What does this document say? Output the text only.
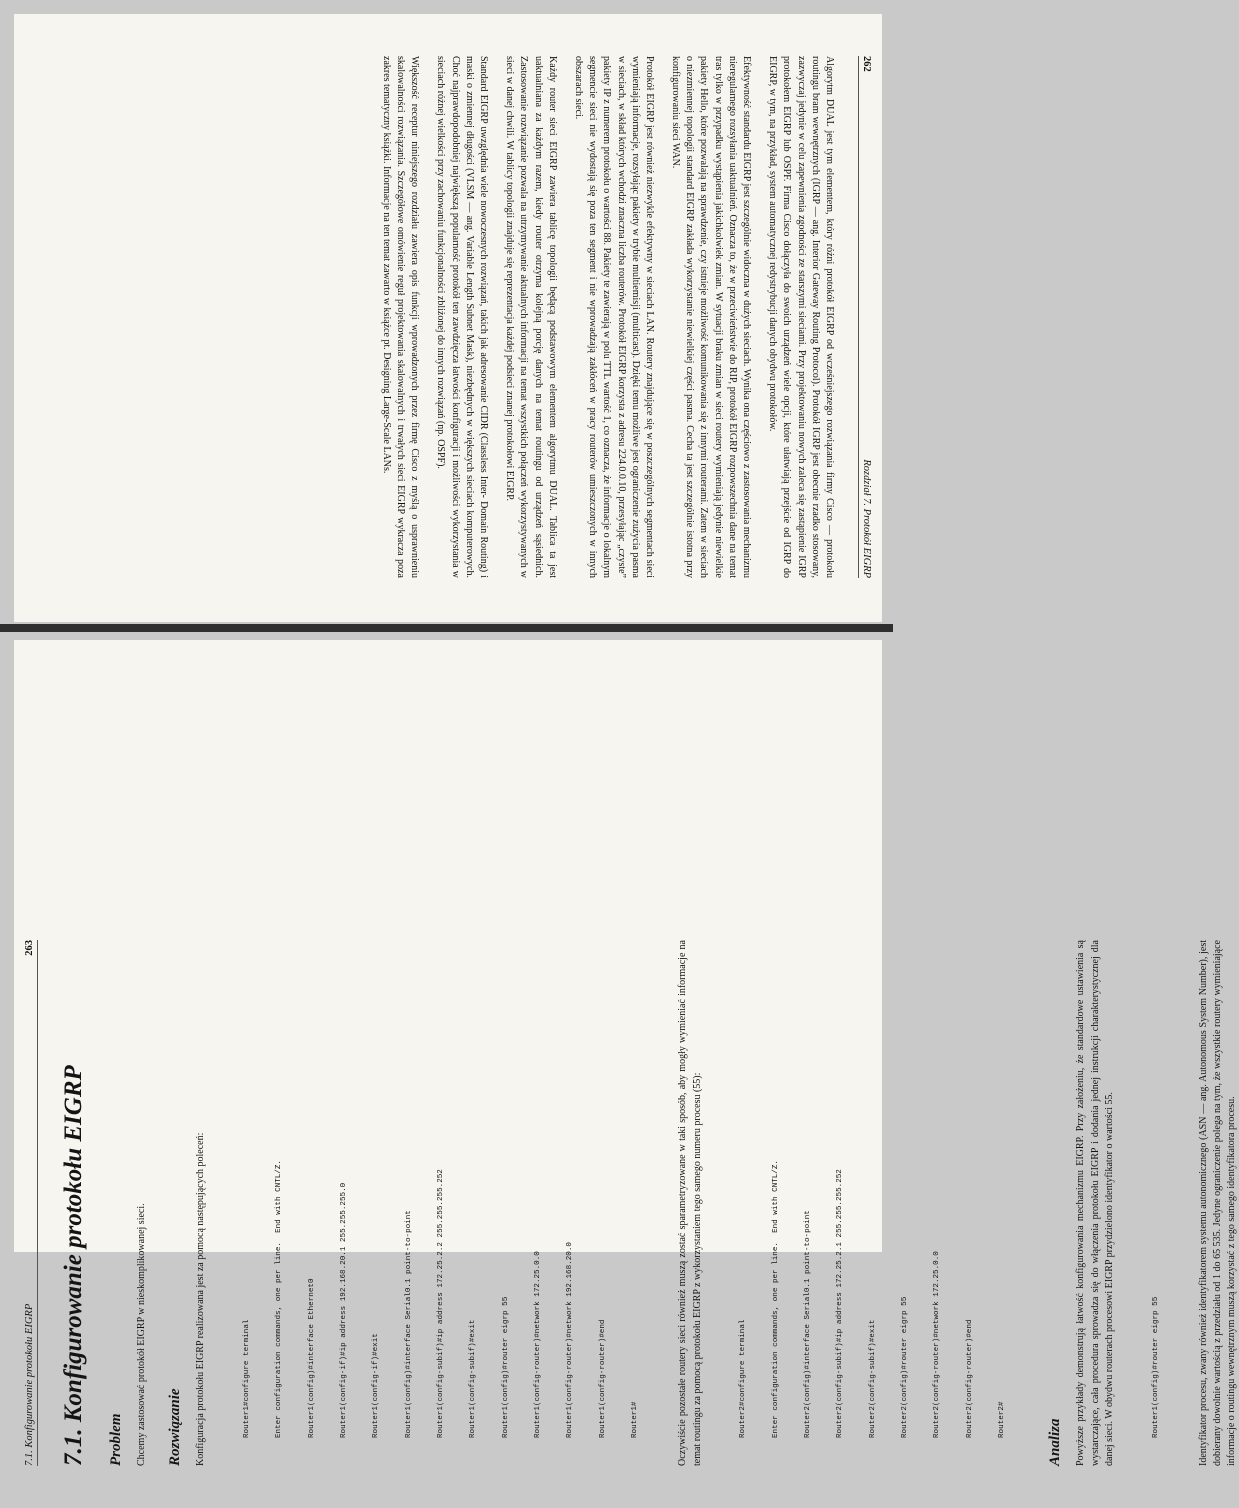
262
Rozdział 7. Protokół EIGRP

Algorytm DUAL jest tym elementem, który różni protokół EIGRP od wcześniejszego rozwiązania firmy Cisco — protokołu routingu bram wewnętrznych (IGRP — ang. Interior Gateway Routing Protocol). Protokół IGRP jest obecnie rzadko stosowany, zazwyczaj jedynie w celu zapewnienia zgodności ze starszymi sieciami. Przy projektowaniu nowych zaleca się zastąpienie IGRP protokołem EIGRP lub OSPF. Firma Cisco dołączyła do swoich urządzeń wiele opcji, które ułatwiają przejście od IGRP do EIGRP, w tym, na przykład, system automatycznej redystrybucji danych obydwu protokołów.

Efektywność standardu EIGRP jest szczególnie widoczna w dużych sieciach. Wynika ona częściowo z zastosowania mechanizmu nieregularnego rozsyłania uaktualnień. Oznacza to, że w przeciwieństwie do RIP, protokół EIGRP rozpowszechnia dane na temat tras tylko w przypadku wystąpienia jakichkolwiek zmian. W sytuacji braku zmian w sieci routery wymieniają jedynie niewielkie pakiety Hello, które pozwalają na sprawdzenie, czy istnieje możliwość komunikowania się z innymi routerami. Zatem w sieciach o niezmiennej topologii standard EIGRP zakłada wykorzystanie niewielkiej części pasma. Cecha ta jest szczególnie istotna przy konfigurowaniu sieci WAN.

Protokół EIGRP jest również niezwykle efektywny w sieciach LAN. Routery znajdujące się w poszczególnych segmentach sieci wymieniają informacje, rozsyłając pakiety w trybie multiemisji (multicast). Dzięki temu możliwe jest ograniczenie zużycia pasma w sieciach, w skład których wchodzi znaczna liczba routerów. Protokół EIGRP korzysta z adresu 224.0.0.10, przesyłając „czyste” pakiety IP z numerem protokołu o wartości 88. Pakiety te zawierają w polu TTL wartość 1, co oznacza, że informacje o lokalnym segmencie sieci nie wydostają się poza ten segment i nie wprowadzają zakłóceń w pracy routerów umieszczonych w innych obszarach sieci.

Każdy router sieci EIGRP zawiera tablicę topologii będącą podstawowym elementem algorytmu DUAL. Tablica ta jest uaktualniana za każdym razem, kiedy router otrzyma kolejną porcję danych na temat routingu od urządzeń sąsiednich. Zastosowanie rozwiązanie pozwala na utrzymywanie aktualnych informacji na temat wszystkich połączeń wykorzystywanych w sieci w danej chwili. W tablicy topologii znajduje się reprezentacja każdej podsieci znanej protokołowi EIGRP.

Standard EIGRP uwzględnia wiele nowoczesnych rozwiązań, takich jak adresowanie CIDR (Classless Inter- Domain Routing) i maski o zmiennej długości (VLSM — ang. Variable Length Subnet Mask), niezbędnych w większych sieciach komputerowych. Choć najprawdopodobniej największą popularność protokół ten zawdzięcza łatwości konfiguracji i możliwości wykorzystania w sieciach różnej wielkości przy zachowaniu funkcjonalności zbliżonej do innych rozwiązań (np. OSPF).

Większość receptur niniejszego rozdziału zawiera opis funkcji wprowadzonych przez firmę Cisco z myślą o usprawnieniu skalowalności rozwiązania. Szczegółowe omówienie reguł projektowania skalowalnych i trwałych sieci EIGRP wykracza poza zakres tematyczny książki. Informacje na ten temat zawarto w książce pt. Designing Large-Scale LANs.

7.1. Konfigurowanie protokołu EIGRP
263
7.1. Konfigurowanie protokołu EIGRP Problem Chcemy zastosować protokół EIGRP w nieskomplikowanej sieci. Rozwiązanie Konfiguracja protokołu EIGRP realizowana jest za pomocą następujących poleceń:

	Router1#configure terminal

	Enter configuration commands, one per line.  End with CNTL/Z.

	Router1(config)#interface Ethernet0

	Router1(config-if)#ip address 192.168.20.1 255.255.255.0

	Router1(config-if)#exit

	Router1(config)#interface Serial0.1 point-to-point

	Router1(config-subif)#ip address 172.25.2.2 255.255.255.252

	Router1(config-subif)#exit

	Router1(config)#router eigrp 55

	Router1(config-router)#network 172.25.0.0

	Router1(config-router)#network 192.168.20.0

	Router1(config-router)#end

	Router1#

	Oczywiście pozostałe routery sieci również muszą zostać sparametryzowane w taki sposób, aby mogły wymieniać informacje na temat routingu za pomocą protokołu EIGRP z wykorzystaniem tego samego numeru procesu (55):

	Router2#configure terminal

	Enter configuration commands, one per line.  End with CNTL/Z.

	Router2(config)#interface Serial0.1 point-to-point

	Router2(config-subif)#ip address 172.25.2.1 255.255.255.252

	Router2(config-subif)#exit

	Router2(config)#router eigrp 55

	Router2(config-router)#network 172.25.0.0

	Router2(config-router)#end

	Router2#

	Analiza Powyższe przykłady demonstrują łatwość konfigurowania mechanizmu EIGRP. Przy założeniu, że standardowe ustawienia są wystarczające, cała procedura sprowadza się do włączenia protokołu EIGRP i dodania jednej instrukcji charakterystycznej dla danej sieci. W obydwu routerach procesowi EIGRP przydzielono identyfikator o wartości 55.

	Router1(config)#router eigrp 55

	Identyfikator procesu, zwany również identyfikatorem systemu autonomicznego (ASN — ang. Autonomous System Number), jest dobierany dowolnie wartością z przedziału od 1 do 65 535. Jedyne ograniczenie polega na tym, że wszystkie routery wymieniające informacje o routingu wewnętrznym muszą korzystać z tego samego identyfikatora procesu.
